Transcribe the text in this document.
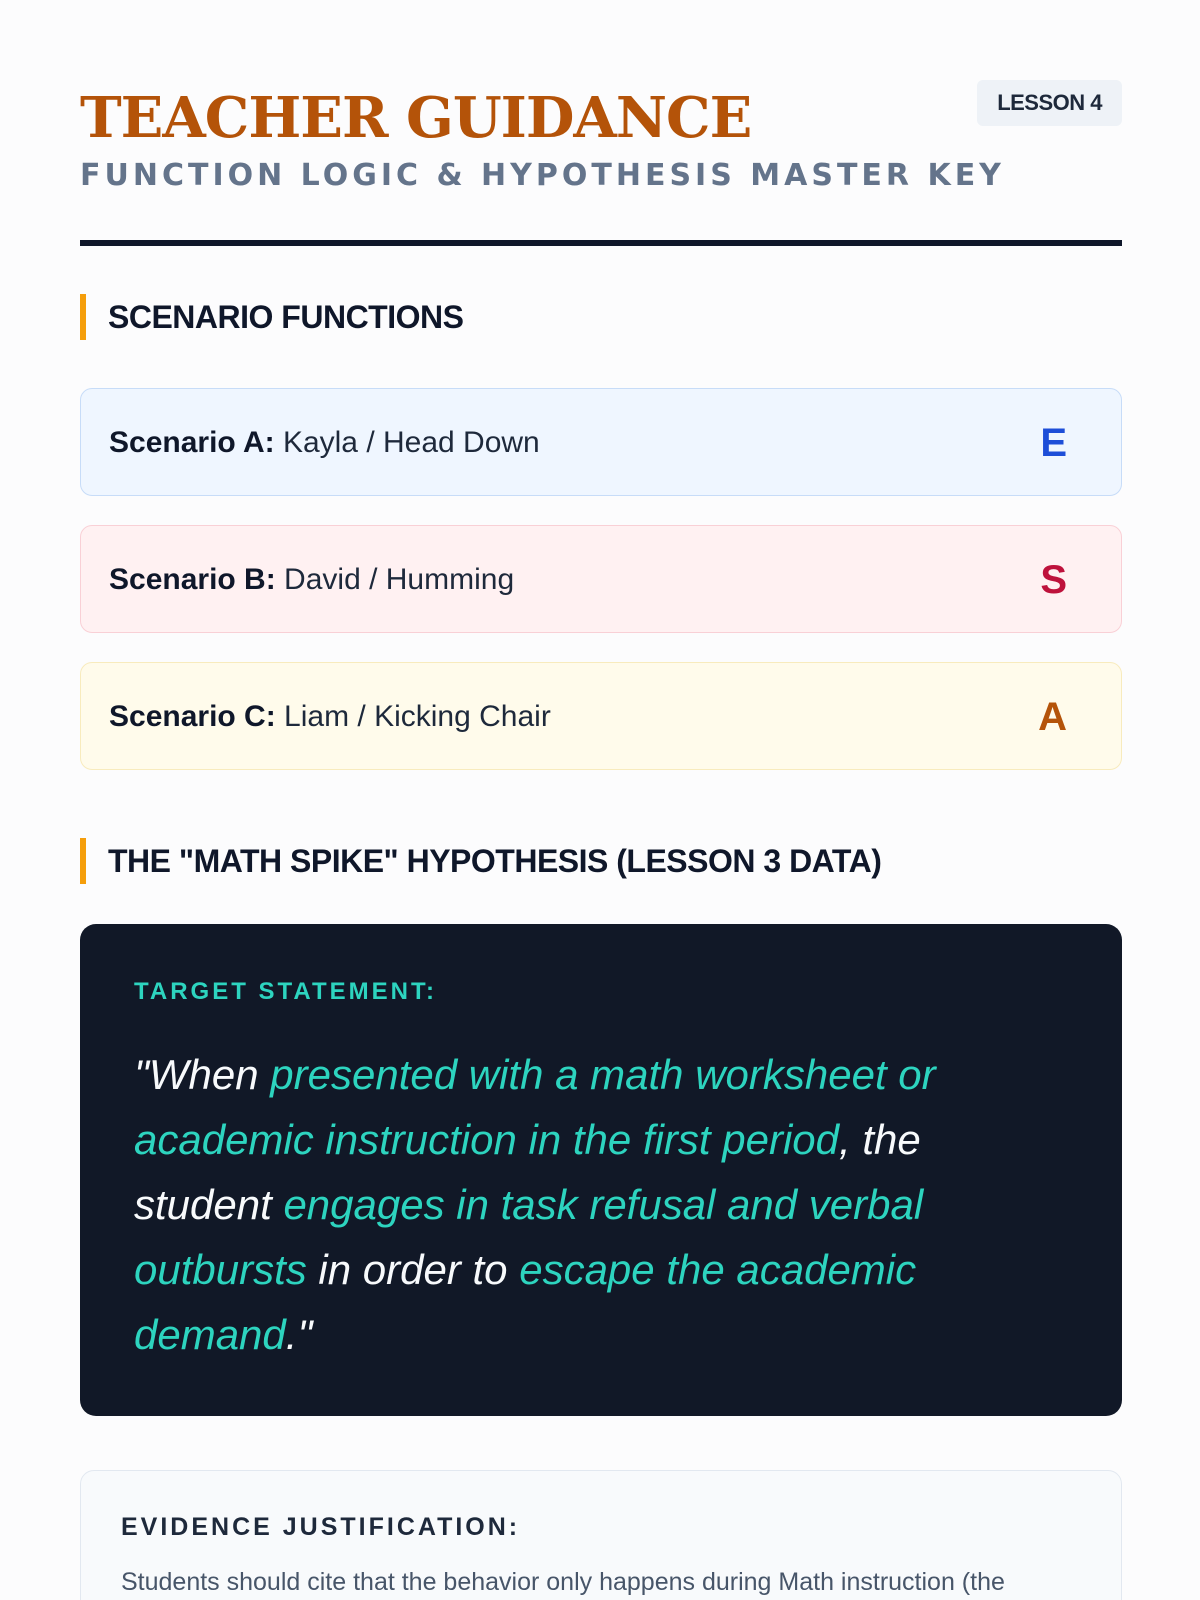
TEACHER GUIDANCE
FUNCTION LOGIC & HYPOTHESIS MASTER KEY
LESSON 4
SCENARIO FUNCTIONS
Scenario A: Kayla / Head Down	E
Scenario B: David / Humming	S
Scenario C: Liam / Kicking Chair	A
THE "MATH SPIKE" HYPOTHESIS (LESSON 3 DATA)
TARGET STATEMENT:
"When presented with a math worksheet or academic instruction in the first period, the student engages in task refusal and verbal outbursts in order to escape the academic demand."
EVIDENCE JUSTIFICATION:
Students should cite that the behavior only happens during Math instruction (the
